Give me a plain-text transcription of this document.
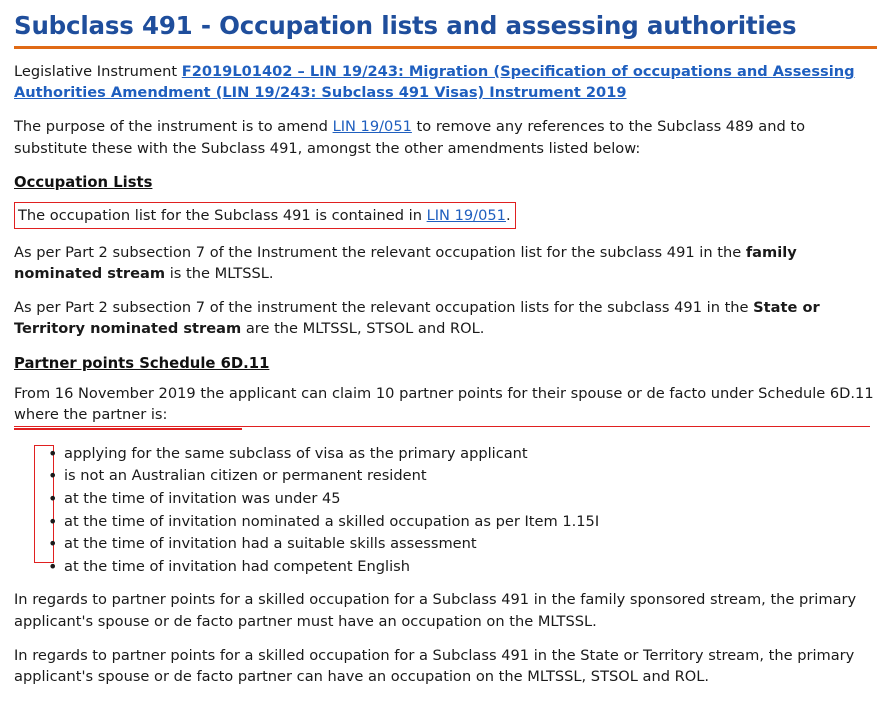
Subclass 491 - Occupation lists and assessing authorities

Legislative Instrument F2019L01402 – LIN 19/243: Migration (Specification of occupations and Assessing Authorities Amendment (LIN 19/243: Subclass 491 Visas) Instrument 2019

The purpose of the instrument is to amend LIN 19/051 to remove any references to the Subclass 489 and to substitute these with the Subclass 491, amongst the other amendments listed below:

Occupation Lists

The occupation list for the Subclass 491 is contained in LIN 19/051.

As per Part 2 subsection 7 of the Instrument the relevant occupation list for the subclass 491 in the family nominated stream is the MLTSSL.

As per Part 2 subsection 7 of the instrument the relevant occupation lists for the subclass 491 in the State or Territory nominated stream are the MLTSSL, STSOL and ROL.

Partner points Schedule 6D.11

From 16 November 2019 the applicant can claim 10 partner points for their spouse or de facto under Schedule 6D.11 where the partner is:

• applying for the same subclass of visa as the primary applicant
• is not an Australian citizen or permanent resident
• at the time of invitation was under 45
• at the time of invitation nominated a skilled occupation as per Item 1.15I
• at the time of invitation had a suitable skills assessment
• at the time of invitation had competent English

In regards to partner points for a skilled occupation for a Subclass 491 in the family sponsored stream, the primary applicant's spouse or de facto partner must have an occupation on the MLTSSL.

In regards to partner points for a skilled occupation for a Subclass 491 in the State or Territory stream, the primary applicant's spouse or de facto partner can have an occupation on the MLTSSL, STSOL and ROL.
